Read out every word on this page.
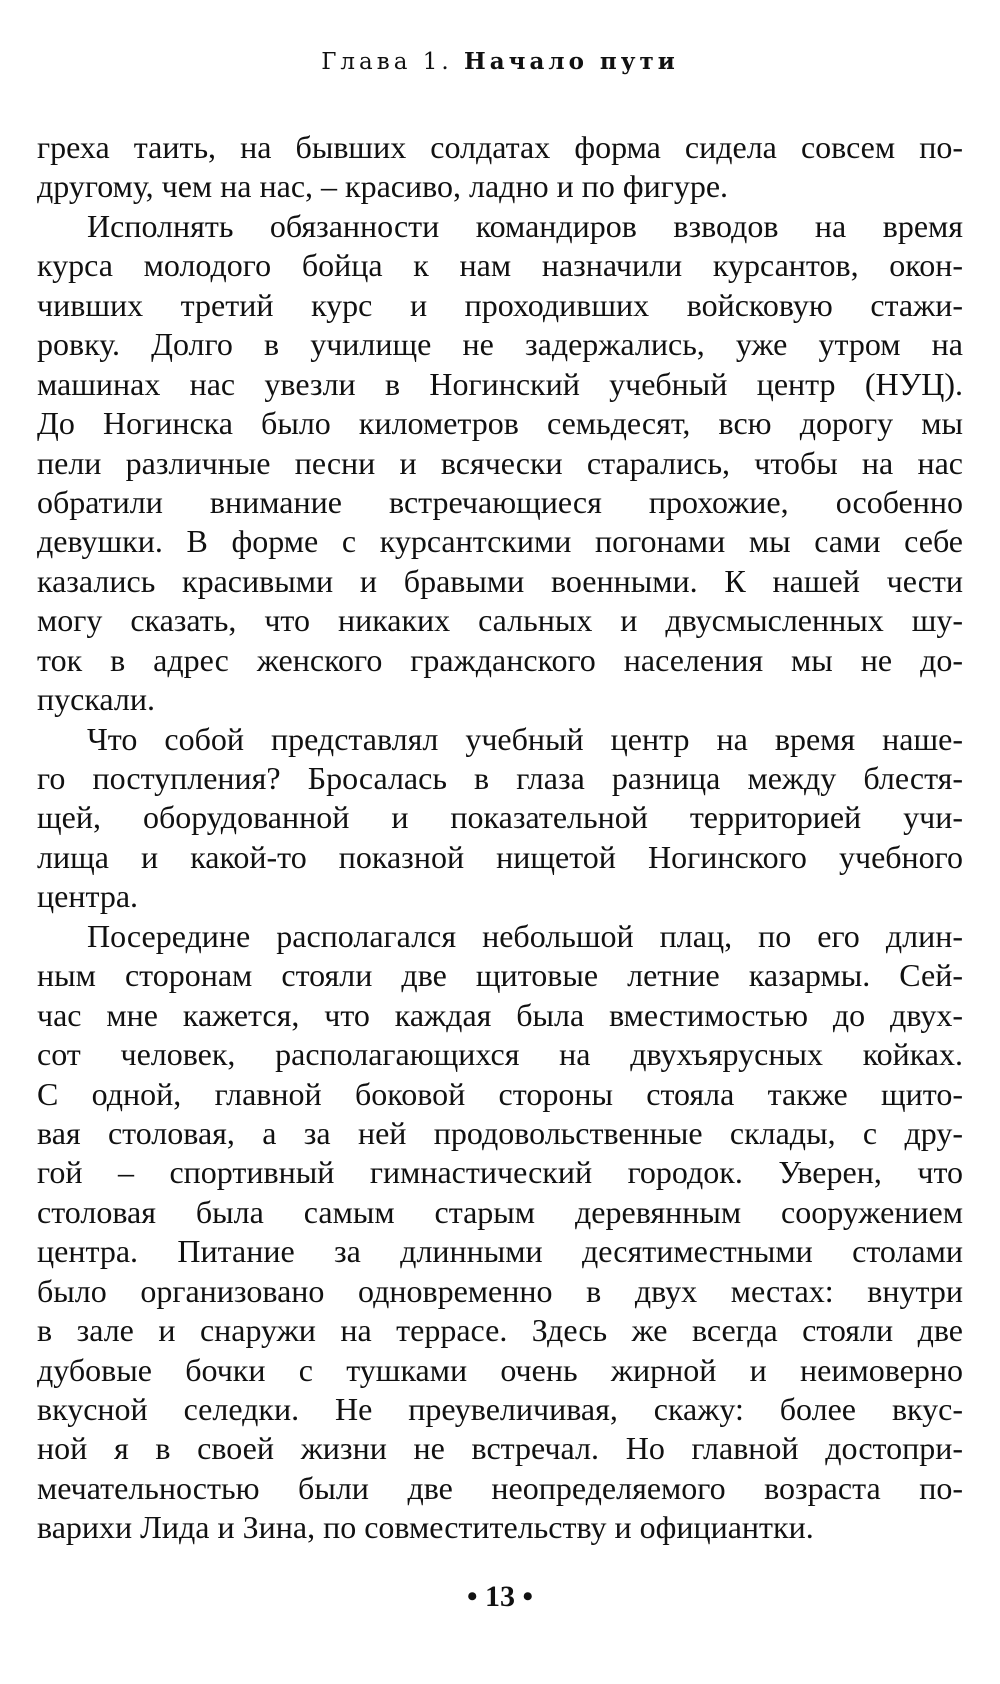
Глава 1. Начало пути
греха таить, на бывших солдатах форма сидела совсем по-
другому, чем на нас, – красиво, ладно и по фигуре.
Исполнять обязанности командиров взводов на время
курса молодого бойца к нам назначили курсантов, окон-
чивших третий курс и проходивших войсковую стажи-
ровку. Долго в училище не задержались, уже утром на
машинах нас увезли в Ногинский учебный центр (НУЦ).
До Ногинска было километров семьдесят, всю дорогу мы
пели различные песни и всячески старались, чтобы на нас
обратили внимание встречающиеся прохожие, особенно
девушки. В форме с курсантскими погонами мы сами себе
казались красивыми и бравыми военными. К нашей чести
могу сказать, что никаких сальных и двусмысленных шу-
ток в адрес женского гражданского населения мы не до-
пускали.
Что собой представлял учебный центр на время наше-
го поступления? Бросалась в глаза разница между блестя-
щей, оборудованной и показательной территорией учи-
лища и какой-то показной нищетой Ногинского учебного
центра.
Посередине располагался небольшой плац, по его длин-
ным сторонам стояли две щитовые летние казармы. Сей-
час мне кажется, что каждая была вместимостью до двух-
сот человек, располагающихся на двухъярусных койках.
С одной, главной боковой стороны стояла также щито-
вая столовая, а за ней продовольственные склады, с дру-
гой – спортивный гимнастический городок. Уверен, что
столовая была самым старым деревянным сооружением
центра. Питание за длинными десятиместными столами
было организовано одновременно в двух местах: внутри
в зале и снаружи на террасе. Здесь же всегда стояли две
дубовые бочки с тушками очень жирной и неимоверно
вкусной селедки. Не преувеличивая, скажу: более вкус-
ной я в своей жизни не встречал. Но главной достопри-
мечательностью были две неопределяемого возраста по-
варихи Лида и Зина, по совместительству и официантки.
• 13 •
